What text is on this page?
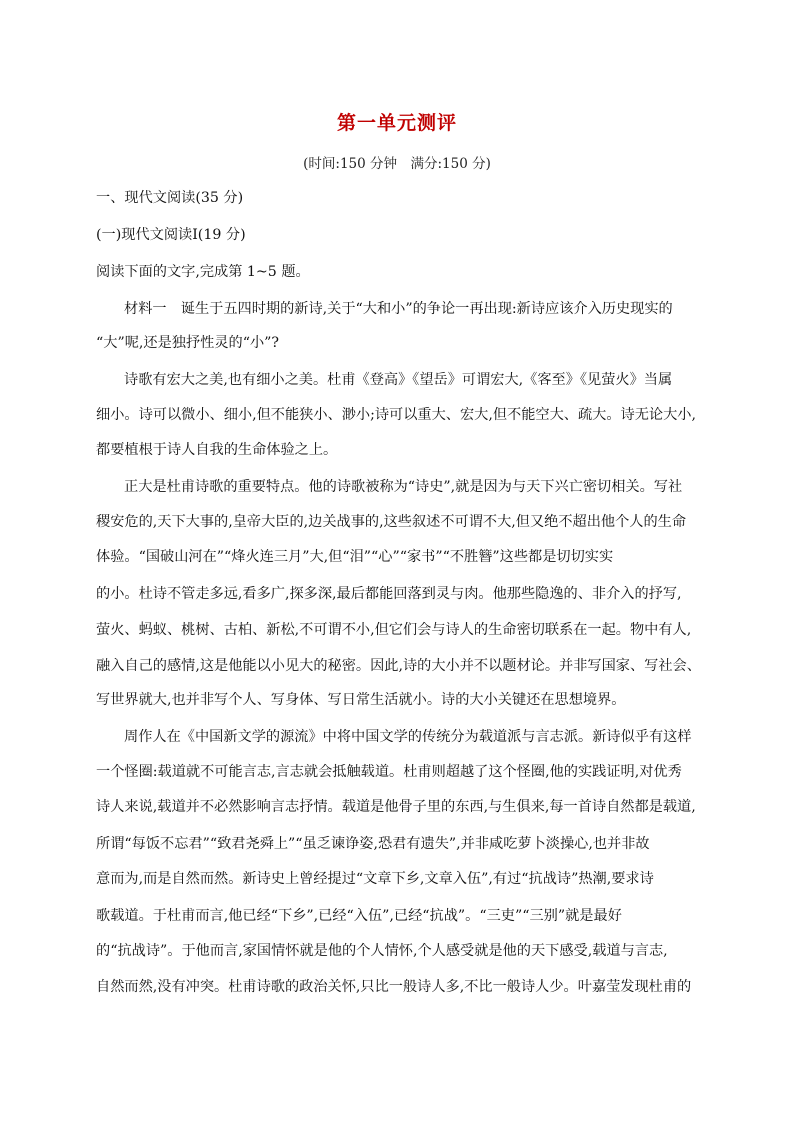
第一单元测评
(时间:150 分钟　满分:150 分)
一、现代文阅读(35 分)
(一)现代文阅读Ⅰ(19 分)
阅读下面的文字,完成第 1~5 题。
材料一　诞生于五四时期的新诗,关于“大和小”的争论一再出现:新诗应该介入历史现实的
“大”呢,还是独抒性灵的“小”?
诗歌有宏大之美,也有细小之美。杜甫《登高》《望岳》可谓宏大,《客至》《见萤火》当属
细小。诗可以微小、细小,但不能狭小、渺小;诗可以重大、宏大,但不能空大、疏大。诗无论大小,
都要植根于诗人自我的生命体验之上。
正大是杜甫诗歌的重要特点。他的诗歌被称为“诗史”,就是因为与天下兴亡密切相关。写社
稷安危的,天下大事的,皇帝大臣的,边关战事的,这些叙述不可谓不大,但又绝不超出他个人的生命
体验。“国破山河在”“烽火连三月”大,但“泪”“心”“家书”“不胜簪”这些都是切切实实
的小。杜诗不管走多远,看多广,探多深,最后都能回落到灵与肉。他那些隐逸的、非介入的抒写,
萤火、蚂蚁、桃树、古柏、新松,不可谓不小,但它们会与诗人的生命密切联系在一起。物中有人,
融入自己的感情,这是他能以小见大的秘密。因此,诗的大小并不以题材论。并非写国家、写社会、
写世界就大,也并非写个人、写身体、写日常生活就小。诗的大小关键还在思想境界。
周作人在《中国新文学的源流》中将中国文学的传统分为载道派与言志派。新诗似乎有这样
一个怪圈:载道就不可能言志,言志就会抵触载道。杜甫则超越了这个怪圈,他的实践证明,对优秀
诗人来说,载道并不必然影响言志抒情。载道是他骨子里的东西,与生俱来,每一首诗自然都是载道,
所谓“每饭不忘君”“致君尧舜上”“虽乏谏诤姿,恐君有遗失”,并非咸吃萝卜淡操心,也并非故
意而为,而是自然而然。新诗史上曾经提过“文章下乡,文章入伍”,有过“抗战诗”热潮,要求诗
歌载道。于杜甫而言,他已经“下乡”,已经“入伍”,已经“抗战”。“三吏”“三别”就是最好
的“抗战诗”。于他而言,家国情怀就是他的个人情怀,个人感受就是他的天下感受,载道与言志,
自然而然,没有冲突。杜甫诗歌的政治关怀,只比一般诗人多,不比一般诗人少。叶嘉莹发现杜甫的
